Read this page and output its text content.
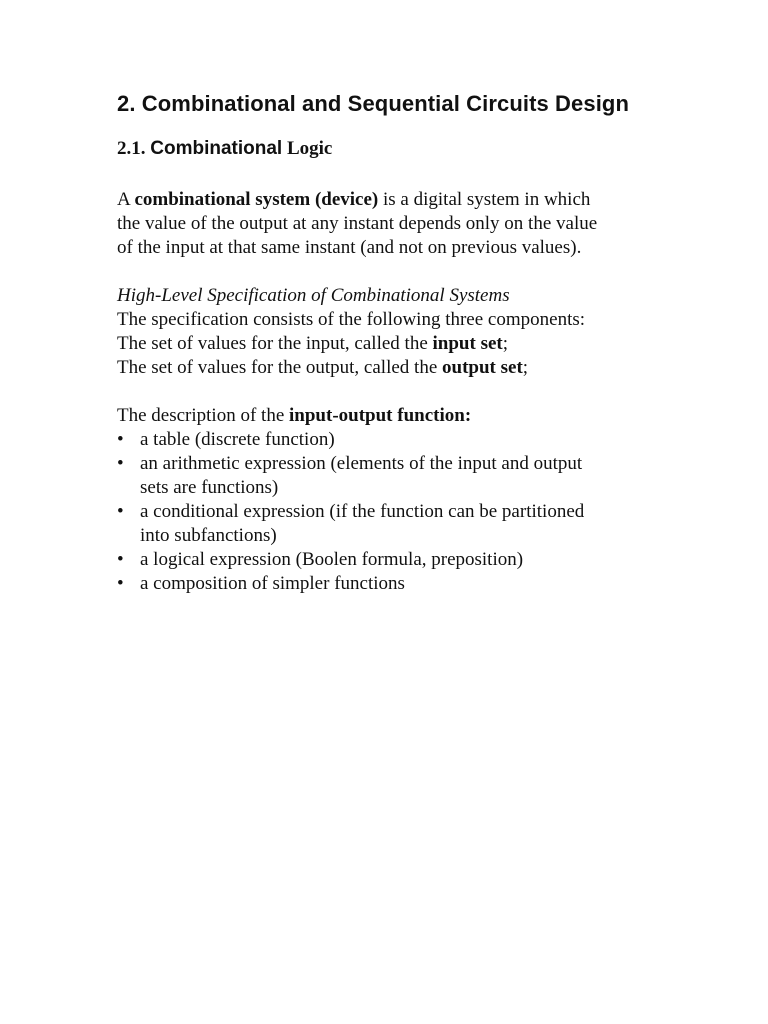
2. Combinational and Sequential Circuits Design
2.1. Combinational Logic

A combinational system (device) is a digital system in which

the value of the output at any instant depends only on the value

of the input at that same instant (and not on previous values).

High-Level Specification of Combinational Systems

The specification consists of the following three components:

The set of values for the input, called the input set;

The set of values for the output, called the output set;

The description of the input-output function:

• a table (discrete function)
• an arithmetic expression (elements of the input and output
sets are functions)
• a conditional expression (if the function can be partitioned
into subfanctions)
• a logical expression (Boolen formula, preposition)
• a composition of simpler functions
